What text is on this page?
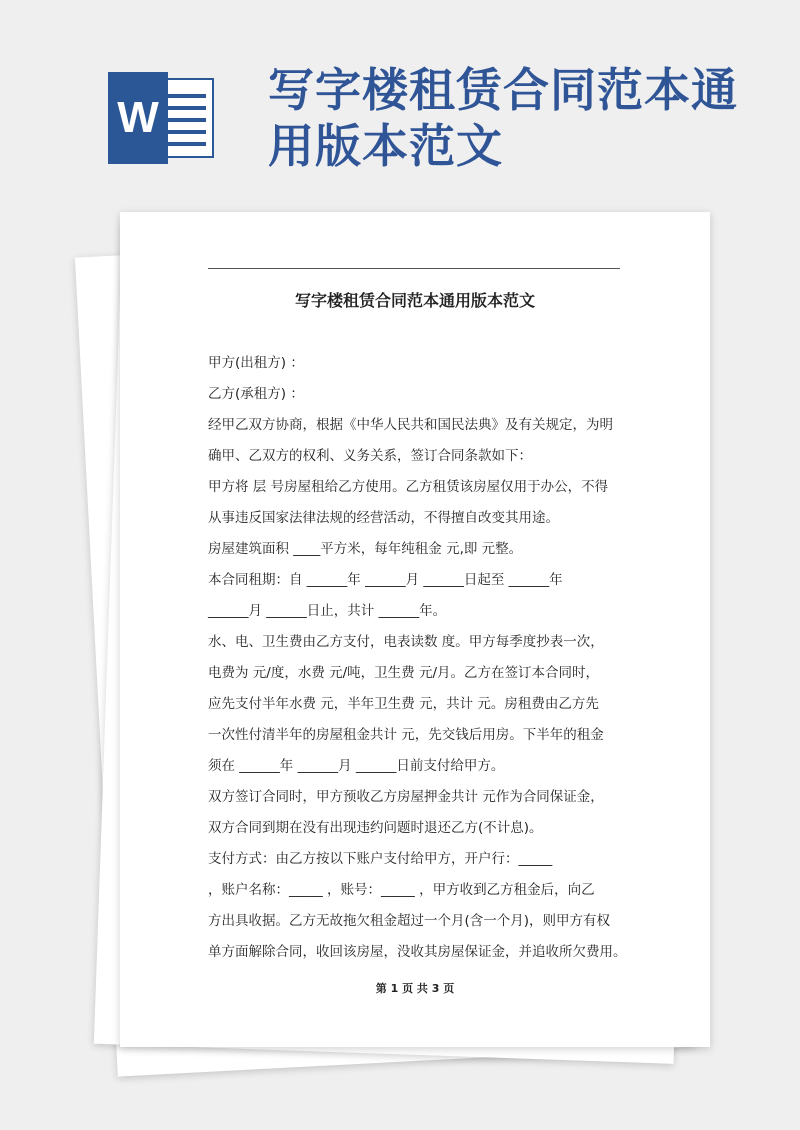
W
写字楼租赁合同范本通用版本范文
写字楼租赁合同范本通用版本范文

甲方(出租方) ：

乙方(承租方) ：

经甲乙双方协商，根据《中华人民共和国民法典》及有关规定，为明

确甲、乙双方的权利、义务关系，签订合同条款如下：

甲方将 层 号房屋租给乙方使用。乙方租赁该房屋仅用于办公，不得

从事违反国家法律法规的经营活动，不得擅自改变其用途。

房屋建筑面积 ____平方米，每年纯租金 元,即 元整。

本合同租期：自 ______年 ______月 ______日起至 ______年

______月 ______日止，共计 ______年。

水、电、卫生费由乙方支付，电表读数 度。甲方每季度抄表一次，

电费为 元/度，水费 元/吨，卫生费 元/月。乙方在签订本合同时，

应先支付半年水费 元，半年卫生费 元，共计 元。房租费由乙方先

一次性付清半年的房屋租金共计 元，先交钱后用房。下半年的租金

须在 ______年 ______月 ______日前支付给甲方。

双方签订合同时，甲方预收乙方房屋押金共计 元作为合同保证金，

双方合同到期在没有出现违约问题时退还乙方(不计息)。

支付方式：由乙方按以下账户支付给甲方，开户行：_____

，账户名称：_____ ，账号：_____ ，甲方收到乙方租金后，向乙

方出具收据。乙方无故拖欠租金超过一个月(含一个月)，则甲方有权

单方面解除合同，收回该房屋，没收其房屋保证金，并追收所欠费用。

第 1 页 共 3 页
